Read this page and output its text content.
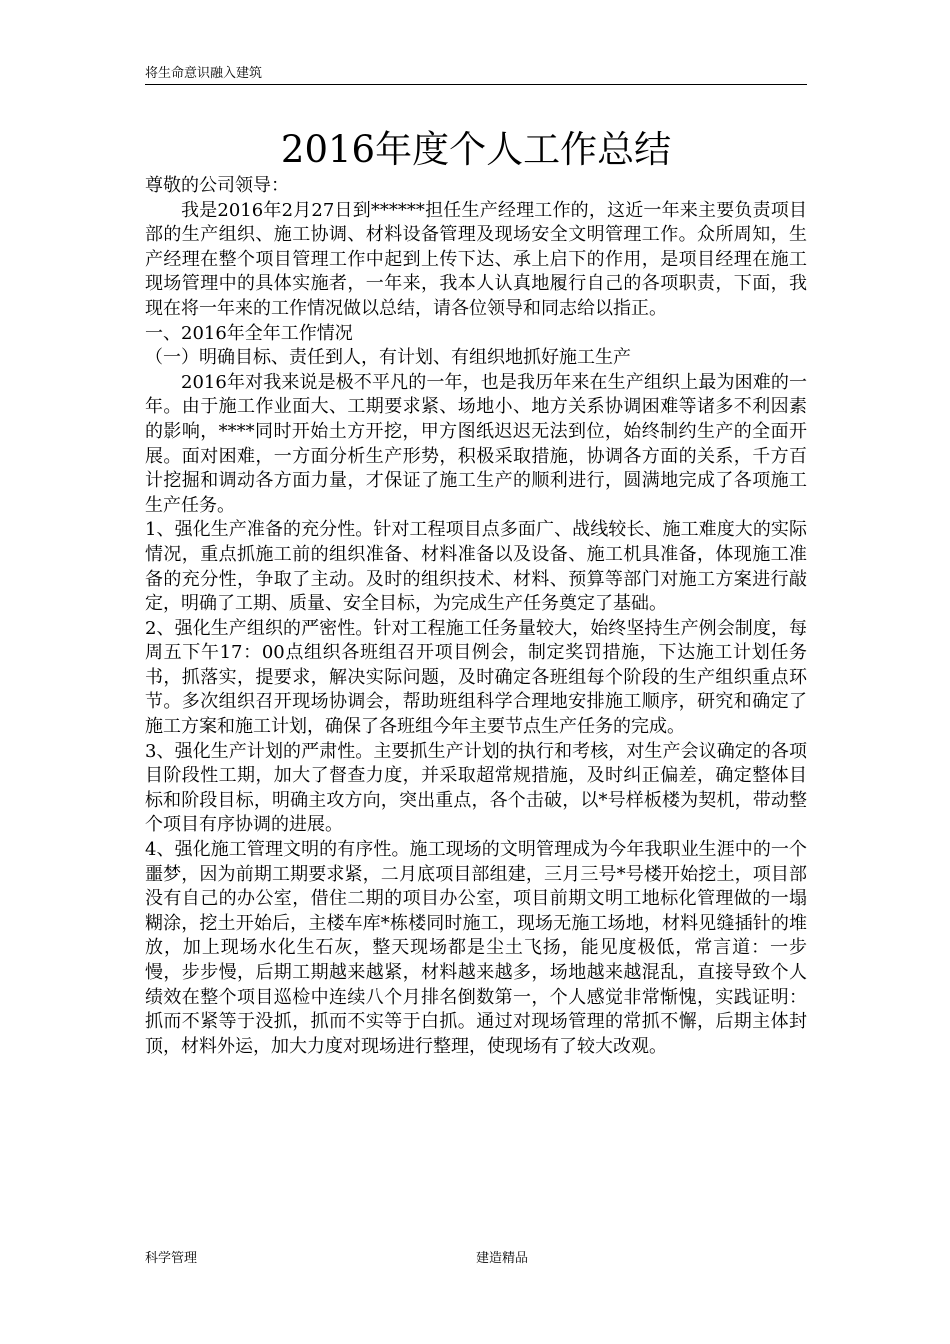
将生命意识融入建筑
2016年度个人工作总结

尊敬的公司领导：

我是2016年2月27日到******担任生产经理工作的，这近一年来主要负责项目部的生产组织、施工协调、材料设备管理及现场安全文明管理工作。众所周知，生产经理在整个项目管理工作中起到上传下达、承上启下的作用，是项目经理在施工现场管理中的具体实施者，一年来，我本人认真地履行自己的各项职责，下面，我现在将一年来的工作情况做以总结，请各位领导和同志给以指正。

一、2016年全年工作情况

（一）明确目标、责任到人，有计划、有组织地抓好施工生产

2016年对我来说是极不平凡的一年，也是我历年来在生产组织上最为困难的一年。由于施工作业面大、工期要求紧、场地小、地方关系协调困难等诸多不利因素的影响，****同时开始土方开挖，甲方图纸迟迟无法到位，始终制约生产的全面开展。面对困难，一方面分析生产形势，积极采取措施，协调各方面的关系，千方百计挖掘和调动各方面力量，才保证了施工生产的顺利进行，圆满地完成了各项施工生产任务。

1、强化生产准备的充分性。针对工程项目点多面广、战线较长、施工难度大的实际情况，重点抓施工前的组织准备、材料准备以及设备、施工机具准备，体现施工准备的充分性，争取了主动。及时的组织技术、材料、预算等部门对施工方案进行敲定，明确了工期、质量、安全目标，为完成生产任务奠定了基础。

2、强化生产组织的严密性。针对工程施工任务量较大，始终坚持生产例会制度，每周五下午17：00点组织各班组召开项目例会，制定奖罚措施，下达施工计划任务书，抓落实，提要求，解决实际问题，及时确定各班组每个阶段的生产组织重点环节。多次组织召开现场协调会，帮助班组科学合理地安排施工顺序，研究和确定了施工方案和施工计划，确保了各班组今年主要节点生产任务的完成。

3、强化生产计划的严肃性。主要抓生产计划的执行和考核，对生产会议确定的各项目阶段性工期，加大了督查力度，并采取超常规措施，及时纠正偏差，确定整体目标和阶段目标，明确主攻方向，突出重点，各个击破，以*号样板楼为契机，带动整个项目有序协调的进展。

4、强化施工管理文明的有序性。施工现场的文明管理成为今年我职业生涯中的一个噩梦，因为前期工期要求紧，二月底项目部组建，三月三号*号楼开始挖土，项目部没有自己的办公室，借住二期的项目办公室，项目前期文明工地标化管理做的一塌糊涂，挖土开始后，主楼车库*栋楼同时施工，现场无施工场地，材料见缝插针的堆放，加上现场水化生石灰，整天现场都是尘土飞扬，能见度极低，常言道：一步慢，步步慢，后期工期越来越紧，材料越来越多，场地越来越混乱，直接导致个人绩效在整个项目巡检中连续八个月排名倒数第一，个人感觉非常惭愧，实践证明：抓而不紧等于没抓，抓而不实等于白抓。通过对现场管理的常抓不懈，后期主体封顶，材料外运，加大力度对现场进行整理，使现场有了较大改观。

科学管理	建造精品
